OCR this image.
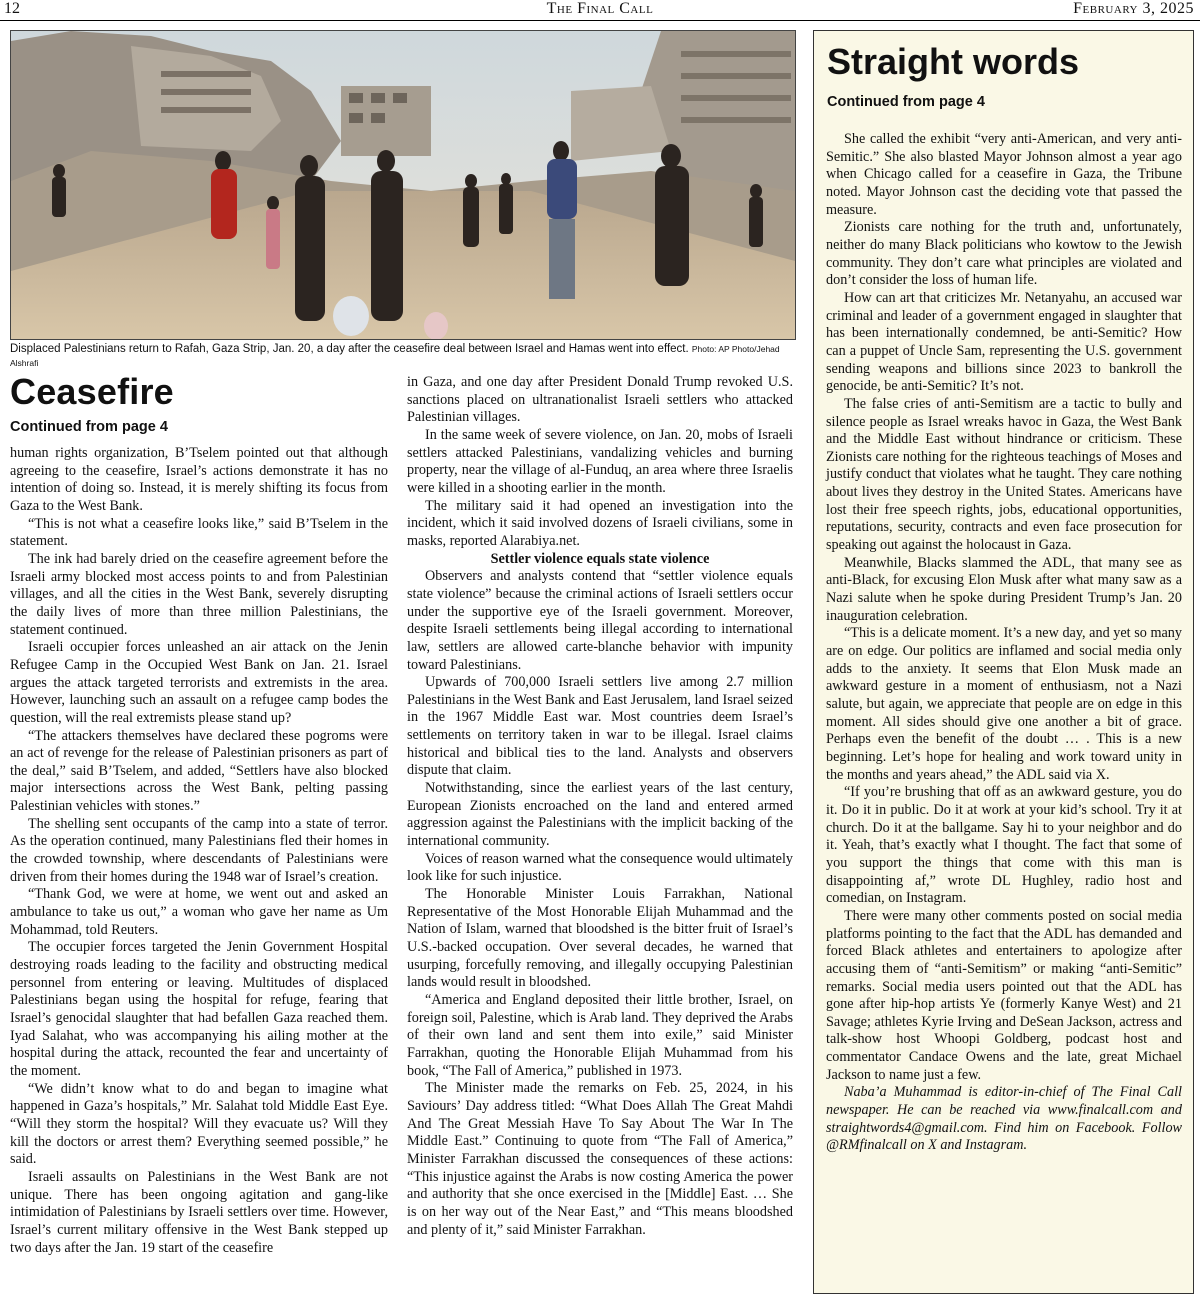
12	The Final Call	February 3, 2025
Displaced Palestinians return to Rafah, Gaza Strip, Jan. 20, a day after the ceasefire deal between Israel and Hamas went into effect. Photo: AP Photo/Jehad Alshrafi
Ceasefire
Continued from page 4

human rights organization, B’Tselem pointed out that although agreeing to the ceasefire, Israel’s actions demonstrate it has no intention of doing so. Instead, it is merely shifting its focus from Gaza to the West Bank.

“This is not what a ceasefire looks like,” said B’Tselem in the statement.

The ink had barely dried on the ceasefire agreement before the Israeli army blocked most access points to and from Palestinian villages, and all the cities in the West Bank, severely disrupting the daily lives of more than three million Palestinians, the statement continued.

Israeli occupier forces unleashed an air attack on the Jenin Refugee Camp in the Occupied West Bank on Jan. 21. Israel argues the attack targeted terrorists and extremists in the area. However, launching such an assault on a refugee camp bodes the question, will the real extremists please stand up?

“The attackers themselves have declared these pogroms were an act of revenge for the release of Palestinian prisoners as part of the deal,” said B’Tselem, and added, “Settlers have also blocked major intersections across the West Bank, pelting passing Palestinian vehicles with stones.”

The shelling sent occupants of the camp into a state of terror. As the operation continued, many Palestinians fled their homes in the crowded township, where descendants of Palestinians were driven from their homes during the 1948 war of Israel’s creation.

“Thank God, we were at home, we went out and asked an ambulance to take us out,” a woman who gave her name as Um Mohammad, told Reuters.

The occupier forces targeted the Jenin Government Hospital destroying roads leading to the facility and obstructing medical personnel from entering or leaving. Multitudes of displaced Palestinians began using the hospital for refuge, fearing that Israel’s genocidal slaughter that had befallen Gaza reached them. Iyad Salahat, who was accompanying his ailing mother at the hospital during the attack, recounted the fear and uncertainty of the moment.

“We didn’t know what to do and began to imagine what happened in Gaza’s hospitals,” Mr. Salahat told Middle East Eye. “Will they storm the hospital? Will they evacuate us? Will they kill the doctors or arrest them? Everything seemed possible,” he said.

Israeli assaults on Palestinians in the West Bank are not unique. There has been ongoing agitation and gang-like intimidation of Palestinians by Israeli settlers over time. However, Israel’s current military offensive in the West Bank stepped up two days after the Jan. 19 start of the ceasefire

in Gaza, and one day after President Donald Trump revoked U.S. sanctions placed on ultranationalist Israeli settlers who attacked Palestinian villages.

In the same week of severe violence, on Jan. 20, mobs of Israeli settlers attacked Palestinians, vandalizing vehicles and burning property, near the village of al-Funduq, an area where three Israelis were killed in a shooting earlier in the month.

The military said it had opened an investigation into the incident, which it said involved dozens of Israeli civilians, some in masks, reported Alarabiya.net.

Settler violence equals state violence

Observers and analysts contend that “settler violence equals state violence” because the criminal actions of Israeli settlers occur under the supportive eye of the Israeli government. Moreover, despite Israeli settlements being illegal according to international law, settlers are allowed carte-blanche behavior with impunity toward Palestinians.

Upwards of 700,000 Israeli settlers live among 2.7 million Palestinians in the West Bank and East Jerusalem, land Israel seized in the 1967 Middle East war. Most countries deem Israel’s settlements on territory taken in war to be illegal. Israel claims historical and biblical ties to the land. Analysts and observers dispute that claim.

Notwithstanding, since the earliest years of the last century, European Zionists encroached on the land and entered armed aggression against the Palestinians with the implicit backing of the international community.

Voices of reason warned what the consequence would ultimately look like for such injustice.

The Honorable Minister Louis Farrakhan, National Representative of the Most Honorable Elijah Muhammad and the Nation of Islam, warned that bloodshed is the bitter fruit of Israel’s U.S.-backed occupation. Over several decades, he warned that usurping, forcefully removing, and illegally occupying Palestinian lands would result in bloodshed.

“America and England deposited their little brother, Israel, on foreign soil, Palestine, which is Arab land. They deprived the Arabs of their own land and sent them into exile,” said Minister Farrakhan, quoting the Honorable Elijah Muhammad from his book, “The Fall of America,” published in 1973.

The Minister made the remarks on Feb. 25, 2024, in his Saviours’ Day address titled: “What Does Allah The Great Mahdi And The Great Messiah Have To Say About The War In The Middle East.” Continuing to quote from “The Fall of America,” Minister Farrakhan discussed the consequences of these actions: “This injustice against the Arabs is now costing America the power and authority that she once exercised in the [Middle] East. … She is on her way out of the Near East,” and “This means bloodshed and plenty of it,” said Minister Farrakhan.

Straight words
Continued from page 4

She called the exhibit “very anti-American, and very anti-Semitic.” She also blasted Mayor Johnson almost a year ago when Chicago called for a ceasefire in Gaza, the Tribune noted. Mayor Johnson cast the deciding vote that passed the measure.

Zionists care nothing for the truth and, unfortunately, neither do many Black politicians who kowtow to the Jewish community. They don’t care what principles are violated and don’t consider the loss of human life.

How can art that criticizes Mr. Netanyahu, an accused war criminal and leader of a government engaged in slaughter that has been internationally condemned, be anti-Semitic? How can a puppet of Uncle Sam, representing the U.S. government sending weapons and billions since 2023 to bankroll the genocide, be anti-Semitic? It’s not.

The false cries of anti-Semitism are a tactic to bully and silence people as Israel wreaks havoc in Gaza, the West Bank and the Middle East without hindrance or criticism. These Zionists care nothing for the righteous teachings of Moses and justify conduct that violates what he taught. They care nothing about lives they destroy in the United States. Americans have lost their free speech rights, jobs, educational opportunities, reputations, security, contracts and even face prosecution for speaking out against the holocaust in Gaza.

Meanwhile, Blacks slammed the ADL, that many see as anti-Black, for excusing Elon Musk after what many saw as a Nazi salute when he spoke during President Trump’s Jan. 20 inauguration celebration.

“This is a delicate moment. It’s a new day, and yet so many are on edge. Our politics are inflamed and social media only adds to the anxiety. It seems that Elon Musk made an awkward gesture in a moment of enthusiasm, not a Nazi salute, but again, we appreciate that people are on edge in this moment. All sides should give one another a bit of grace. Perhaps even the benefit of the doubt … . This is a new beginning. Let’s hope for healing and work toward unity in the months and years ahead,” the ADL said via X.

“If you’re brushing that off as an awkward gesture, you do it. Do it in public. Do it at work at your kid’s school. Try it at church. Do it at the ballgame. Say hi to your neighbor and do it. Yeah, that’s exactly what I thought. The fact that some of you support the things that come with this man is disappointing af,” wrote DL Hughley, radio host and comedian, on Instagram.

There were many other comments posted on social media platforms pointing to the fact that the ADL has demanded and forced Black athletes and entertainers to apologize after accusing them of “anti-Semitism” or making “anti-Semitic” remarks. Social media users pointed out that the ADL has gone after hip-hop artists Ye (formerly Kanye West) and 21 Savage; athletes Kyrie Irving and DeSean Jackson, actress and talk-show host Whoopi Goldberg, podcast host and commentator Candace Owens and the late, great Michael Jackson to name just a few.

Naba’a Muhammad is editor-in-chief of The Final Call newspaper. He can be reached via www.finalcall.com and straightwords4@gmail.com. Find him on Facebook. Follow @RMfinalcall on X and Instagram.
